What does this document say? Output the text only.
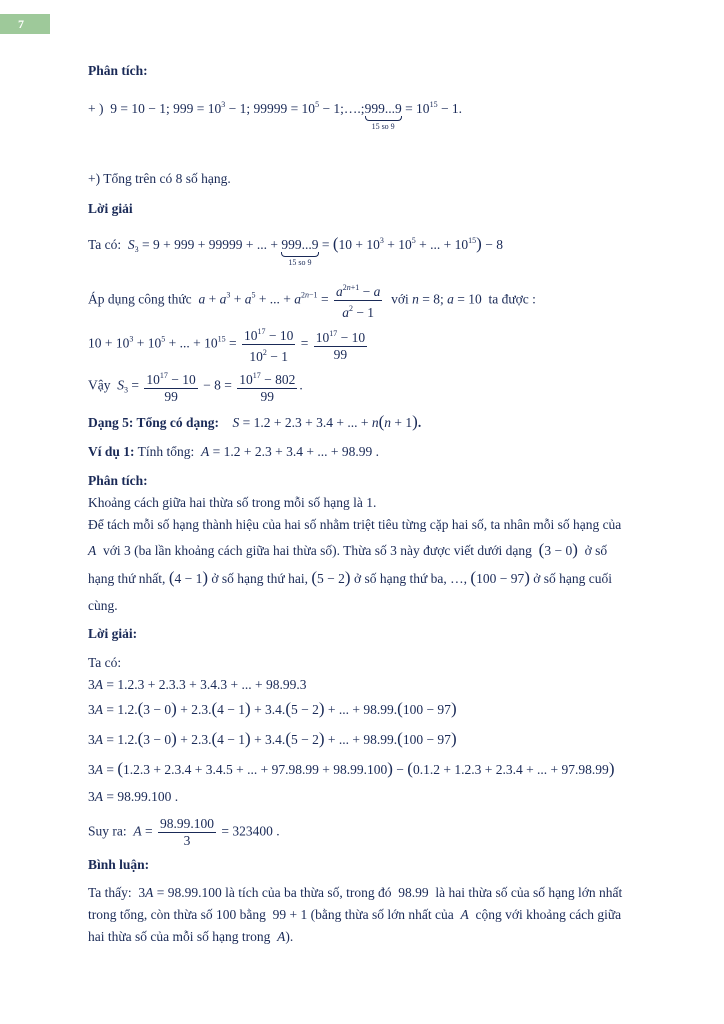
7
Phân tích:
+ )  9 = 10 − 1; $999 = 10^3 - 1$; $99999 = 10^5$ − 1;….;999...9
15 so 9
= $10^{15} - 1$.
+) Tổng trên có 8 số hạng.
Lời giải
Ta có: $S_3 = 9 + 999 + 99999$ + ... + 999...9
15 so 9
= ($10 + 10^3 + 10^5$ + ... + $10^{15}) - 8$
Áp dụng công thức $a + a^3 + a^5$ + ... + $a^{2n-1} = \frac{a^{2n+1} - a}{a^2 - 1}$ với n = 8; a = 10  ta được :
$10 + 10^3 + 10^5$ + ... + $10^{15} = \frac{10^{17} - 10}{10^2 - 1} = \frac{10^{17} - 10}{99}$
Vậy $S_3 = \frac{10^{17} - 10}{99} - 8 = \frac{10^{17} - 802}{99}$ .
Dạng 5: Tổng có dạng: S = 1.2 + 2.3 + 3.4 + ... + n(n + 1).
Ví dụ 1: Tính tổng: A = 1.2 + 2.3 + 3.4 + ... + 98.99 .
Phân tích:
Khoảng cách giữa hai thừa số trong mỗi số hạng là 1.
Để tách mỗi số hạng thành hiệu của hai số nhằm triệt tiêu từng cặp hai số, ta nhân mỗi số hạng của
A với 3 (ba lần khoảng cách giữa hai thừa số). Thừa số 3 này được viết dưới dạng (3 − 0) ở số
hạng thứ nhất, (4 − 1) ở số hạng thứ hai, (5 − 2) ở số hạng thứ ba, …, (100 − 97) ở số hạng cuối
cùng.
Lời giải:
Ta có:
3A = 1.2.3 + 2.3.3 + 3.4.3 + ... + 98.99.3
3A = 1.2.(3 − 0) + 2.3.(4 − 1) + 3.4.(5 − 2) + ... + 98.99.(100 − 97)
3A = 1.2.(3 − 0) + 2.3.(4 − 1) + 3.4.(5 − 2) + ... + 98.99.(100 − 97)
3A = (1.2.3 + 2.3.4 + 3.4.5 + ... + 97.98.99 + 98.99.100) − (0.1.2 + 1.2.3 + 2.3.4 + ... + 97.98.99)
3A = 98.99.100 .
Suy ra: $A = \frac{98.99.100}{3} = 323400$ .
Bình luận:
Ta thấy:  3A = 98.99.100 là tích của ba thừa số, trong đó  98.99  là hai thừa số của số hạng lớn nhất
trong tổng, còn thừa số 100 bằng  99 + 1 (bằng thừa số lớn nhất của A cộng với khoảng cách giữa
hai thừa số của mỗi số hạng trong A).
